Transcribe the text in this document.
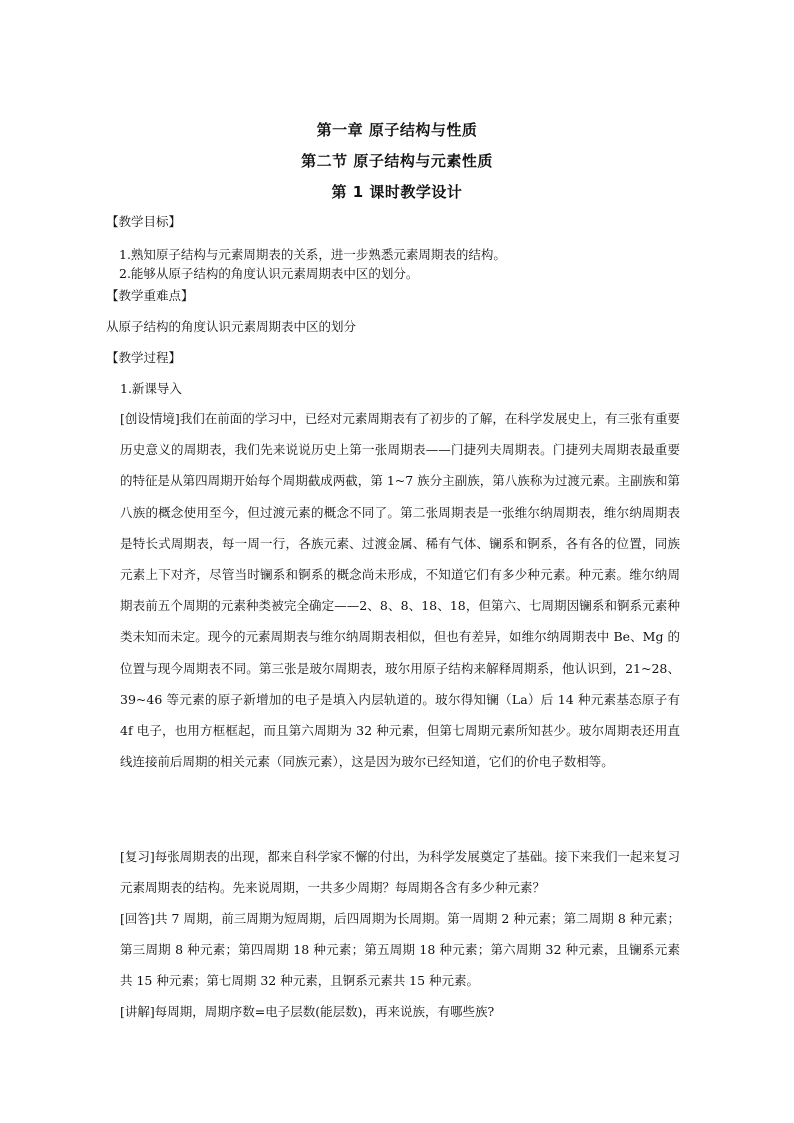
第一章 原子结构与性质
第二节 原子结构与元素性质
第 1 课时教学设计
【教学目标】
1.熟知原子结构与元素周期表的关系，进一步熟悉元素周期表的结构。
2.能够从原子结构的角度认识元素周期表中区的划分。
【教学重难点】
从原子结构的角度认识元素周期表中区的划分
【教学过程】
1.新课导入
[创设情境]我们在前面的学习中，已经对元素周期表有了初步的了解，在科学发展史上，有三张有重要历史意义的周期表，我们先来说说历史上第一张周期表——门捷列夫周期表。门捷列夫周期表最重要的特征是从第四周期开始每个周期截成两截，第 1~7 族分主副族，第八族称为过渡元素。主副族和第八族的概念使用至今，但过渡元素的概念不同了。第二张周期表是一张维尔纳周期表，维尔纳周期表是特长式周期表，每一周一行，各族元素、过渡金属、稀有气体、镧系和锕系，各有各的位置，同族元素上下对齐，尽管当时镧系和锕系的概念尚未形成，不知道它们有多少种元素。种元素。维尔纳周期表前五个周期的元素种类被完全确定——2、8、8、18、18，但第六、七周期因镧系和锕系元素种类未知而未定。现今的元素周期表与维尔纳周期表相似，但也有差异，如维尔纳周期表中 Be、Mg 的位置与现今周期表不同。第三张是玻尔周期表，玻尔用原子结构来解释周期系，他认识到，21~28、39~46 等元素的原子新增加的电子是填入内层轨道的。玻尔得知镧（La）后 14 种元素基态原子有 4f 电子，也用方框框起，而且第六周期为 32 种元素，但第七周期元素所知甚少。玻尔周期表还用直线连接前后周期的相关元素（同族元素），这是因为玻尔已经知道，它们的价电子数相等。
[复习]每张周期表的出现，都来自科学家不懈的付出，为科学发展奠定了基础。接下来我们一起来复习元素周期表的结构。先来说周期，一共多少周期？每周期各含有多少种元素？
[回答]共 7 周期，前三周期为短周期，后四周期为长周期。第一周期 2 种元素；第二周期 8 种元素；第三周期 8 种元素；第四周期 18 种元素；第五周期 18 种元素；第六周期 32 种元素，且镧系元素共 15 种元素；第七周期 32 种元素，且锕系元素共 15 种元素。
[讲解]每周期，周期序数=电子层数(能层数)，再来说族，有哪些族?
